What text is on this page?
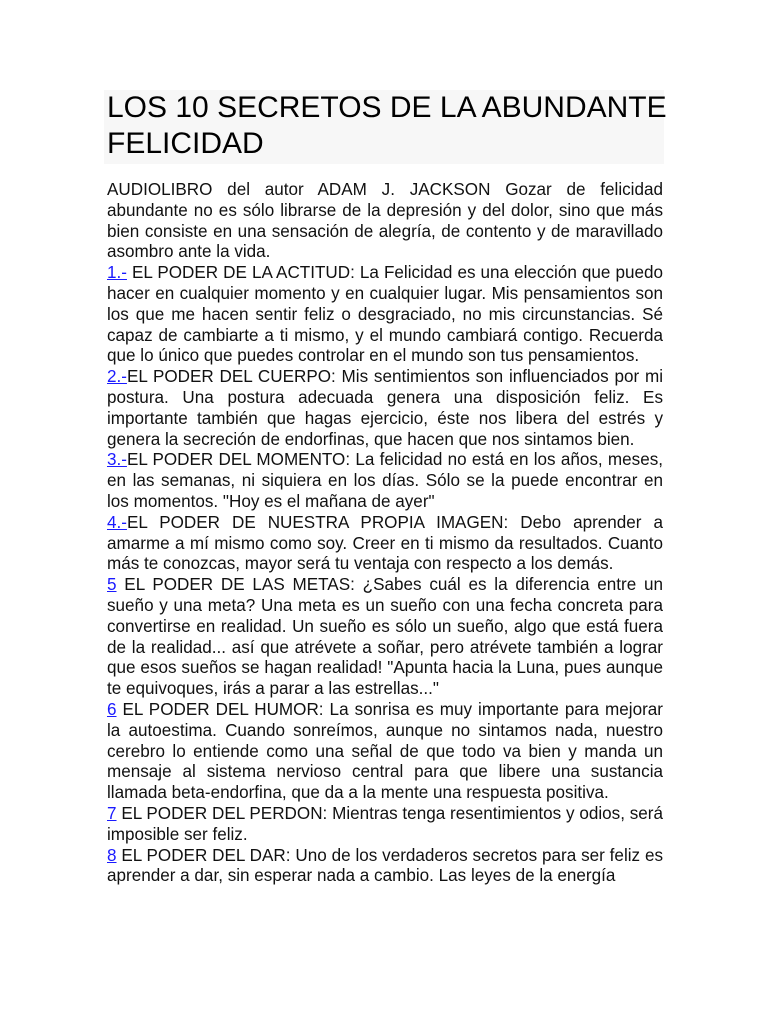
LOS 10 SECRETOS DE LA ABUNDANTE FELICIDAD

AUDIOLIBRO del autor ADAM J. JACKSON Gozar de felicidad abundante no es sólo librarse de la depresión y del dolor, sino que más bien consiste en una sensación de alegría, de contento y de maravillado asombro ante la vida.

1.- EL PODER DE LA ACTITUD: La Felicidad es una elección que puedo hacer en cualquier momento y en cualquier lugar. Mis pensamientos son los que me hacen sentir feliz o desgraciado, no mis circunstancias. Sé capaz de cambiarte a ti mismo, y el mundo cambiará contigo. Recuerda que lo único que puedes controlar en el mundo son tus pensamientos.

2.-EL PODER DEL CUERPO: Mis sentimientos son influenciados por mi postura. Una postura adecuada genera una disposición feliz. Es importante también que hagas ejercicio, éste nos libera del estrés y genera la secreción de endorfinas, que hacen que nos sintamos bien.

3.-EL PODER DEL MOMENTO: La felicidad no está en los años, meses, en las semanas, ni siquiera en los días. Sólo se la puede encontrar en los momentos. "Hoy es el mañana de ayer"

4.-EL PODER DE NUESTRA PROPIA IMAGEN: Debo aprender a amarme a mí mismo como soy. Creer en ti mismo da resultados. Cuanto más te conozcas, mayor será tu ventaja con respecto a los demás.

5 EL PODER DE LAS METAS: ¿Sabes cuál es la diferencia entre un sueño y una meta? Una meta es un sueño con una fecha concreta para convertirse en realidad. Un sueño es sólo un sueño, algo que está fuera de la realidad... así que atrévete a soñar, pero atrévete también a lograr que esos sueños se hagan realidad! "Apunta hacia la Luna, pues aunque te equivoques, irás a parar a las estrellas..."

6 EL PODER DEL HUMOR: La sonrisa es muy importante para mejorar la autoestima. Cuando sonreímos, aunque no sintamos nada, nuestro cerebro lo entiende como una señal de que todo va bien y manda un mensaje al sistema nervioso central para que libere una sustancia llamada beta-endorfina, que da a la mente una respuesta positiva.

7 EL PODER DEL PERDON: Mientras tenga resentimientos y odios, será imposible ser feliz.

8 EL PODER DEL DAR: Uno de los verdaderos secretos para ser feliz es aprender a dar, sin esperar nada a cambio. Las leyes de la energía
